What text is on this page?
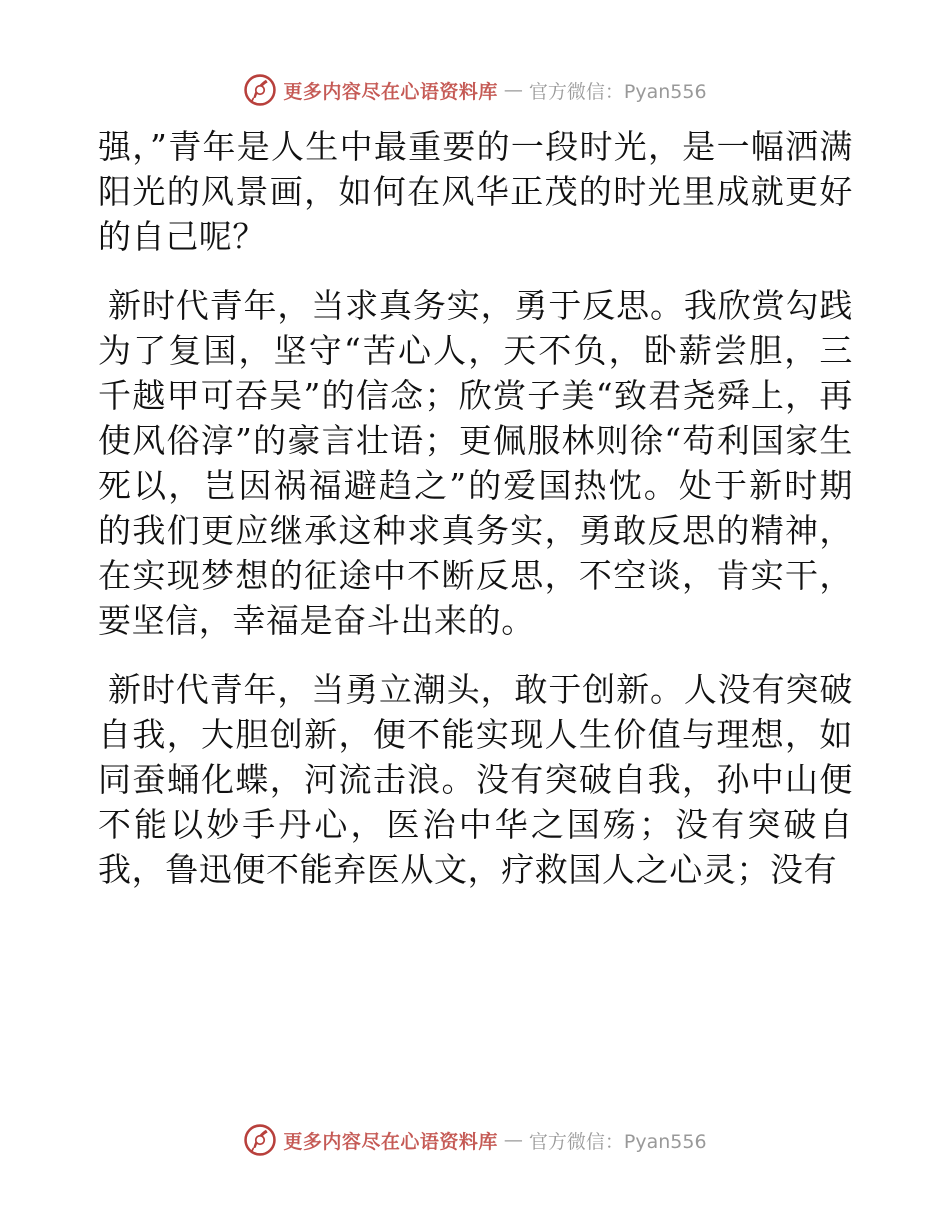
更多内容尽在心语资料库 — 官方微信：Pyan556

强，”青年是人生中最重要的一段时光，是一幅洒满阳光的风景画，如何在风华正茂的时光里成就更好的自己呢？

新时代青年，当求真务实，勇于反思。我欣赏勾践为了复国，坚守“苦心人，天不负，卧薪尝胆，三千越甲可吞吴”的信念；欣赏子美“致君尧舜上，再使风俗淳”的豪言壮语；更佩服林则徐“苟利国家生死以，岂因祸福避趋之”的爱国热忱。处于新时期的我们更应继承这种求真务实，勇敢反思的精神，在实现梦想的征途中不断反思，不空谈，肯实干，要坚信，幸福是奋斗出来的。

新时代青年，当勇立潮头，敢于创新。人没有突破自我，大胆创新，便不能实现人生价值与理想，如同蚕蛹化蝶，河流击浪。没有突破自我，孙中山便不能以妙手丹心，医治中华之国殇；没有突破自我，鲁迅便不能弃医从文，疗救国人之心灵；没有

更多内容尽在心语资料库 — 官方微信：Pyan556
